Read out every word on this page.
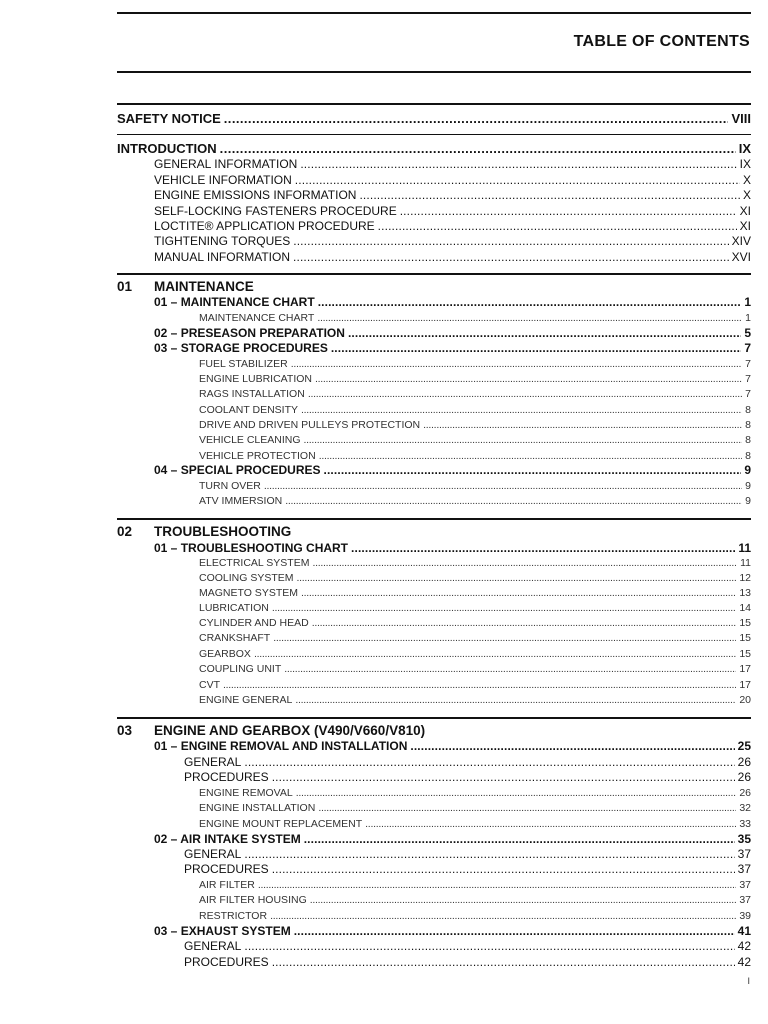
TABLE OF CONTENTS
SAFETY NOTICE . . .	VIII
INTRODUCTION . . .	IX
GENERAL INFORMATION . . .	IX
VEHICLE INFORMATION . . .	X
ENGINE EMISSIONS INFORMATION . . .	X
SELF-LOCKING FASTENERS PROCEDURE . . .	XI
LOCTITE® APPLICATION PROCEDURE . . .	XI
TIGHTENING TORQUES . . .	XIV
MANUAL INFORMATION . . .	XVI
01 MAINTENANCE
01 – MAINTENANCE CHART . . .	1
MAINTENANCE CHART . . .	1
02 – PRESEASON PREPARATION . . .	5
03 – STORAGE PROCEDURES . . .	7
FUEL STABILIZER . . .	7
ENGINE LUBRICATION . . .	7
RAGS INSTALLATION . . .	7
COOLANT DENSITY . . .	8
DRIVE AND DRIVEN PULLEYS PROTECTION . . .	8
VEHICLE CLEANING . . .	8
VEHICLE PROTECTION . . .	8
04 – SPECIAL PROCEDURES . . .	9
TURN OVER . . .	9
ATV IMMERSION . . .	9
02 TROUBLESHOOTING
01 – TROUBLESHOOTING CHART . . .	11
ELECTRICAL SYSTEM . . .	11
COOLING SYSTEM . . .	12
MAGNETO SYSTEM . . .	13
LUBRICATION . . .	14
CYLINDER AND HEAD . . .	15
CRANKSHAFT . . .	15
GEARBOX . . .	15
COUPLING UNIT . . .	17
CVT . . .	17
ENGINE GENERAL . . .	20
03 ENGINE AND GEARBOX (V490/V660/V810)
01 – ENGINE REMOVAL AND INSTALLATION . . .	25
GENERAL . . .	26
PROCEDURES . . .	26
ENGINE REMOVAL . . .	26
ENGINE INSTALLATION . . .	32
ENGINE MOUNT REPLACEMENT . . .	33
02 – AIR INTAKE SYSTEM . . .	35
GENERAL . . .	37
PROCEDURES . . .	37
AIR FILTER . . .	37
AIR FILTER HOUSING . . .	37
RESTRICTOR . . .	39
03 – EXHAUST SYSTEM . . .	41
GENERAL . . .	42
PROCEDURES . . .	42
I
